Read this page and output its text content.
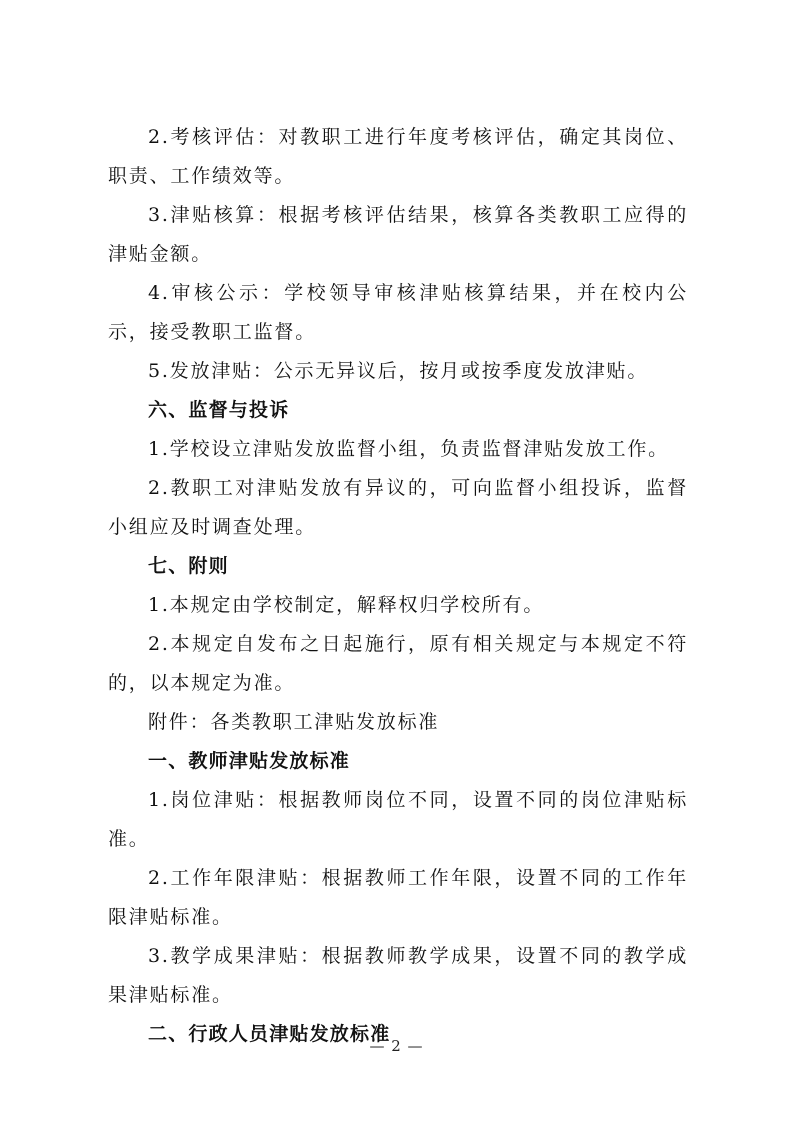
2.考核评估：对教职工进行年度考核评估，确定其岗位、职责、工作绩效等。

3.津贴核算：根据考核评估结果，核算各类教职工应得的津贴金额。

4.审核公示：学校领导审核津贴核算结果，并在校内公示，接受教职工监督。

5.发放津贴：公示无异议后，按月或按季度发放津贴。

六、监督与投诉

1.学校设立津贴发放监督小组，负责监督津贴发放工作。

2.教职工对津贴发放有异议的，可向监督小组投诉，监督小组应及时调查处理。

七、附则

1.本规定由学校制定，解释权归学校所有。

2.本规定自发布之日起施行，原有相关规定与本规定不符的，以本规定为准。

附件：各类教职工津贴发放标准

一、教师津贴发放标准

1.岗位津贴：根据教师岗位不同，设置不同的岗位津贴标准。

2.工作年限津贴：根据教师工作年限，设置不同的工作年限津贴标准。

3.教学成果津贴：根据教师教学成果，设置不同的教学成果津贴标准。

二、行政人员津贴发放标准

— 2 —
